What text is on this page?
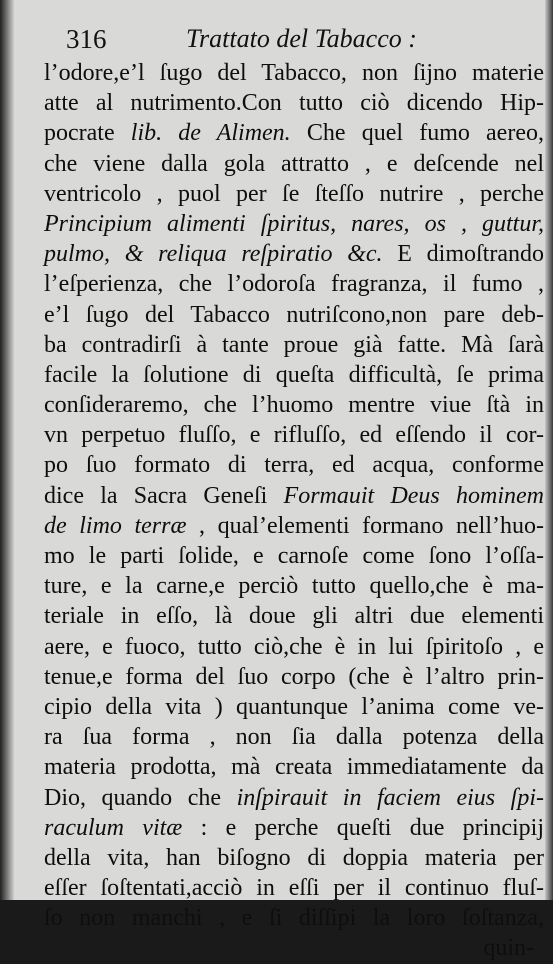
316	Trattato del Tabacco :
l’odore,e’l ſugo del Tabacco, non ſijno materie
atte al nutrimento.Con tutto ciò dicendo Hip-
pocrate lib. de Alimen. Che quel fumo aereo,
che viene dalla gola attratto , e deſcende nel
ventricolo , puol per ſe ſteſſo nutrire , perche
Principium alimenti ſpiritus, nares, os , guttur,
pulmo, & reliqua reſpiratio &c. E dimoſtrando
l’eſperienza, che l’odoroſa fragranza, il fumo ,
e’l ſugo del Tabacco nutriſcono,non pare deb-
ba contradirſi à tante proue già fatte. Mà ſarà
facile la ſolutione di queſta difficultà, ſe prima
conſideraremo, che l’huomo mentre viue ſtà in
vn perpetuo fluſſo, e rifluſſo, ed eſſendo il cor-
po ſuo formato di terra, ed acqua, conforme
dice la Sacra Geneſi Formauit Deus hominem
de limo terræ , qual’elementi formano nell’huo-
mo le parti ſolide, e carnoſe come ſono l’oſſa-
ture, e la carne,e perciò tutto quello,che è ma-
teriale in eſſo, là doue gli altri due elementi
aere, e fuoco, tutto ciò,che è in lui ſpiritoſo , e
tenue,e forma del ſuo corpo (che è l’altro prin-
cipio della vita ) quantunque l’anima come ve-
ra ſua forma , non ſia dalla potenza della
materia prodotta, mà creata immediatamente da
Dio, quando che inſpirauit in faciem eius ſpi-
raculum vitæ : e perche queſti due principij
della vita, han biſogno di doppia materia per
eſſer ſoſtentati,acciò in eſſi per il continuo fluſ-
ſo non manchi , e ſi diſſipi la loro ſoſtanza,
quin-
